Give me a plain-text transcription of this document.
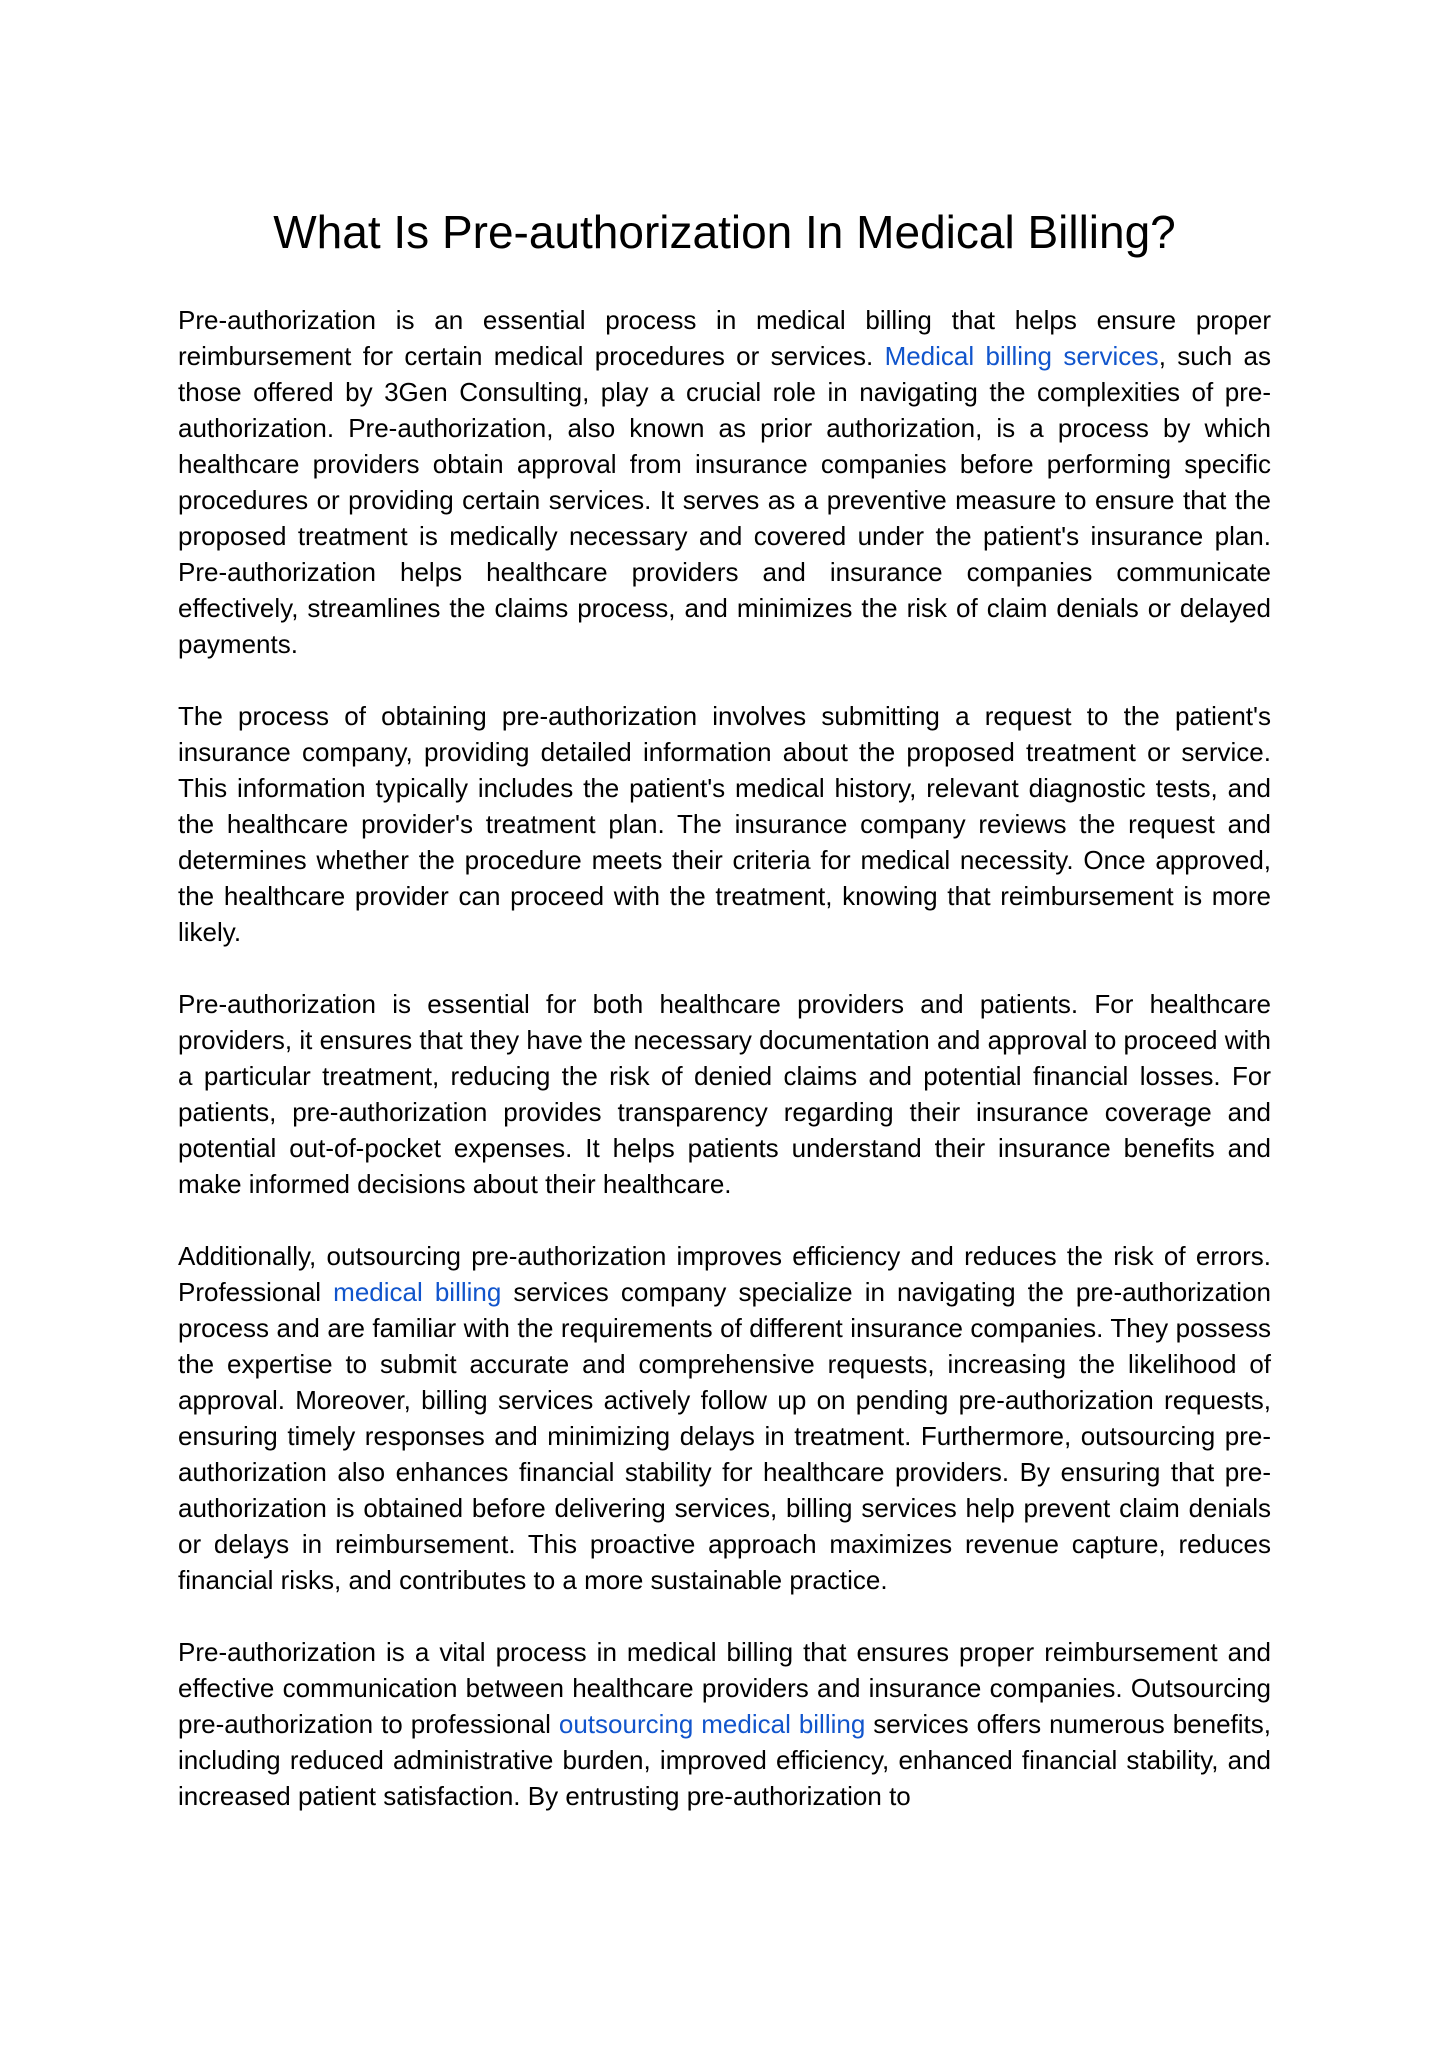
What Is Pre-authorization In Medical Billing?

Pre-authorization is an essential process in medical billing that helps ensure proper reimbursement for certain medical procedures or services. Medical billing services, such as those offered by 3Gen Consulting, play a crucial role in navigating the complexities of pre-authorization. Pre-authorization, also known as prior authorization, is a process by which healthcare providers obtain approval from insurance companies before performing specific procedures or providing certain services. It serves as a preventive measure to ensure that the proposed treatment is medically necessary and covered under the patient's insurance plan. Pre-authorization helps healthcare providers and insurance companies communicate effectively, streamlines the claims process, and minimizes the risk of claim denials or delayed payments.

The process of obtaining pre-authorization involves submitting a request to the patient's insurance company, providing detailed information about the proposed treatment or service. This information typically includes the patient's medical history, relevant diagnostic tests, and the healthcare provider's treatment plan. The insurance company reviews the request and determines whether the procedure meets their criteria for medical necessity. Once approved, the healthcare provider can proceed with the treatment, knowing that reimbursement is more likely.

Pre-authorization is essential for both healthcare providers and patients. For healthcare providers, it ensures that they have the necessary documentation and approval to proceed with a particular treatment, reducing the risk of denied claims and potential financial losses. For patients, pre-authorization provides transparency regarding their insurance coverage and potential out-of-pocket expenses. It helps patients understand their insurance benefits and make informed decisions about their healthcare.

Additionally, outsourcing pre-authorization improves efficiency and reduces the risk of errors. Professional medical billing services company specialize in navigating the pre-authorization process and are familiar with the requirements of different insurance companies. They possess the expertise to submit accurate and comprehensive requests, increasing the likelihood of approval. Moreover, billing services actively follow up on pending pre-authorization requests, ensuring timely responses and minimizing delays in treatment. Furthermore, outsourcing pre-authorization also enhances financial stability for healthcare providers. By ensuring that pre-authorization is obtained before delivering services, billing services help prevent claim denials or delays in reimbursement. This proactive approach maximizes revenue capture, reduces financial risks, and contributes to a more sustainable practice.

Pre-authorization is a vital process in medical billing that ensures proper reimbursement and effective communication between healthcare providers and insurance companies. Outsourcing pre-authorization to professional outsourcing medical billing services offers numerous benefits, including reduced administrative burden, improved efficiency, enhanced financial stability, and increased patient satisfaction. By entrusting pre-authorization to
